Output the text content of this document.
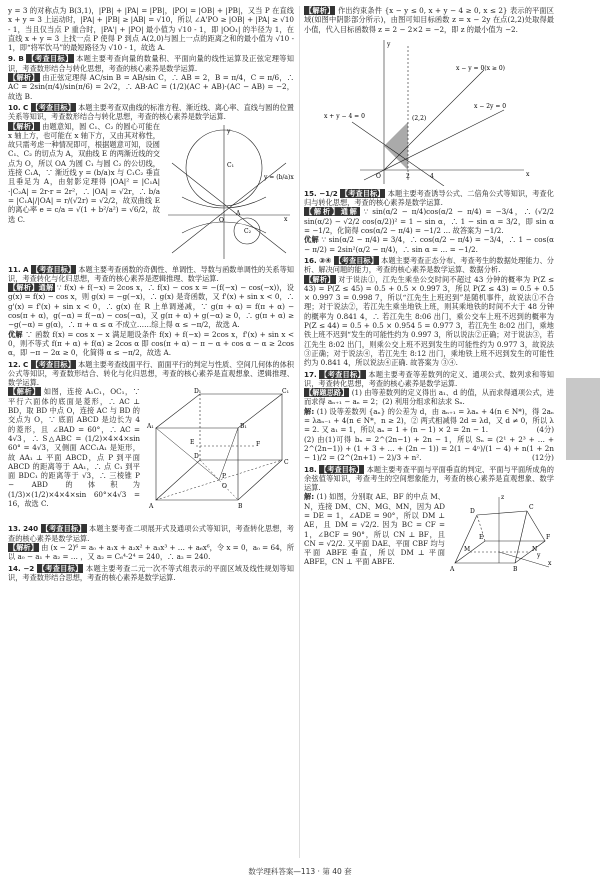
y = 3 的对称点为 B(3,1)，|PB| + |PA| = |PB|，|PO| = |OB| + |PB|，又当 P 在直线 x + y = 3 上运动时，|PA| + |PB| ≥ |AB| = √10，所以 ∠A'PO ≥ |OB| + |PA| ≥ √10 - 1，当且仅当点 P 重合时，|PA'| + |PO| 最小值为 √10 - 1，即 |OO₁| 的半径为 1，在直线 x + y = 3 上找一点 P 使得 P 到点 A(2,0)与圆上一点的距离之和的最小值为 √10 - 1，即“将军饮马”的最短路径为 √10 - 1，故选 A.
9. B 【考查目标】 本题主要考查向量的数量积、平面向量的线性运算及正弦定理等知识，考查数形结合与转化思想，考查的核心素养是数学运算.
【解析】 由正弦定理得 AC/sin B = AB/sin C，∴ AB = 2，B = π/4，C = π/6，∴ AC = 2sin(π/4)/sin(π/6) = 2√2，∴ AB·AC = (1/2)(AC + AB)·(AC − AB) = −2，故选 B.
10. C 【考查目标】 本题主要考查双曲线的标准方程、渐近线、离心率、直线与圆的位置关系等知识，考查数形结合与转化思想，考查的核心素养是数学运算.
y
x
O
C₁
C₂
A
y = (b/a)x
【解析】 由题意知，圆 C₁、C₂ 的圆心可能在 x 轴上方，也可能在 x 轴下方，又由其对称性，故只需考虑一种情况即可，根据题意可知，设圆 C₁、C₂ 的切点为 A，双曲线 E 的两渐近线的交点为 O，所以 OA 为圆 C₁ 与圆 C₂ 的公切线，连接 C₁A，∵ 渐近线 y = (b/a)x 与 C₁C₂ 垂直且垂足为 A，由射影定理得 |OA|² = |C₁A|·|C₂A| = 2r·r = 2r²，∴ |OA| = √2r，∴ b/a = |C₁A|/|OA| = r/(√2r) = √2/2，故双曲线 E 的离心率 e = c/a = √(1 + b²/a²) = √6/2，故选 C.
11. A 【考查目标】 本题主要考查函数的奇偶性、单调性、导数与函数单调性的关系等知识，考查转化与化归思想，考查的核心素养是逻辑推理、数学运算.
【解析】通解 ∵ f(x) + f(−x) = 2cos x，∴ f(x) − cos x = −(f(−x) − cos(−x))，设 g(x) = f(x) − cos x，则 g(x) = −g(−x)，∴ g(x) 是奇函数，又 f'(x) + sin x < 0，∴ g'(x) = f'(x) + sin x < 0，∴ g(x) 在 R 上单调递减，∵ g(π + α) = f(π + α) − cos(π + α)，g(−α) = f(−α) − cos(−α)，又 g(π + α) + g(−α) ≥ 0，∴ g(π + α) ≥ −g(−α) = g(α)，∴ π + α ≤ α 不成立……综上得 α ≤ −π/2，故选 A.
优解 ∵ 函数 f(x) = cos x − x 满足题设条件 f(x) + f(−x) = 2cos x，f'(x) + sin x < 0，则不等式 f(π + α) + f(α) ≥ 2cos α 即 cos(π + α) − π − α + cos α − α ≥ 2cos α，即 −π − 2α ≥ 0，化简得 α ≤ −π/2，故选 A.
12. C 【考查目标】 本题主要考查线面平行、面面平行的判定与性质、空间几何体的体积公式等知识，考查数形结合、转化与化归思想，考查的核心素养是直观想象、逻辑推理、数学运算.
D₁	C₁
A₁	B₁
P
E	F
D
C
A	B
O
【解析】 如图，连接 A₁C₁，OC₁，∵ 平行六面体的底面是菱形，∴ AC ⊥ BD，取 BD 中点 O，连接 AC 与 BD 的交点为 O，∵ 底面 ABCD 是边长为 4 的菱形，且 ∠BAD = 60°，∴ AC = 4√3，∴ S△ABC = (1/2)×4×4×sin 60° = 4√3，又侧面 ACC₁A₁ 是矩形，故 AA₁ ⊥ 平面 ABCD，点 P 到平面 ABCD 的距离等于 AA₁，∴ 点 C₁ 到平面 BDC₁ 的距离等于 √3，∴ 三棱锥 P − ABD 的体积为 (1/3)×(1/2)×4×4×sin 60°×4√3 = 16，故选 C.
13. 240 【考查目标】 本题主要考查二项展开式及通项公式等知识，考查转化思想，考查的核心素养是数学运算.
【解析】 由 (x − 2)⁶ = a₀ + a₁x + a₂x² + a₃x³ + … + a₆x⁶，令 x = 0，a₀ = 64，所以 a₀ − a₁ + a₂ = … ，又 a₂ = C₆⁴·2⁴ = 240，∴ a₂ = 240.
14. −2 【考查目标】 本题主要考查二元一次不等式组表示的平面区域及线性规划等知识，考查数形结合思想，考查的核心素养是数学运算.
【解析】 作出约束条件 {x − y ≤ 0, x + y − 4 ≥ 0, x ≤ 2} 表示的平面区域(如图中阴影部分所示)，由图可知目标函数 z = x − 2y 在点(2,2)处取得最小值，代入目标函数得 z = 2 − 2×2 = −2，即 z 的最小值为 −2.
x − y = 0(x ≥ 0)
x − 2y = 0
x + y − 4 = 0	(2,2)
x
y
O	2	4
15. −1/2 【考查目标】 本题主要考查诱导公式、二倍角公式等知识，考查化归与转化思想，考查的核心素养是数学运算.
【解析】通解 ∵ sin(α/2 − π/4)cos(α/2 − π/4) = −3/4，∴ (√2/2 sin(α/2) − √2/2 cos(α/2))² = 1 − sin α，∴ 1 − sin α = 3/2，即 sin α = −1/2，化简得 cos(α/2 − π/4) = −1/2 … 故答案为 −1/2.
优解 ∵ sin(α/2 − π/4) = 3/4，∴ cos(α/2 − π/4) = −3/4，∴ 1 − cos(α − π/2) = 2sin²(α/2 − π/4)，∴ sin α = … = −1/2.
16. ③④ 【考查目标】 本题主要考查正态分布、考查考生的数据处理能力、分析、解决问题的能力，考查的核心素养是数学运算、数据分析.
【解析】 对于说法①，江先生乘坐公交时间不超过 43 分钟的概率为 P(Z ≤ 43) = P(Z ≤ 45) = 0.5 + 0.5 × 0.997 3，所以 P(Z ≤ 43) = 0.5 + 0.5 × 0.997 3 = 0.998 7，所以“江先生上班迟到”是随机事件，故说法①不合理；对于说法②，若江先生乘坐地铁上班，则其乘地铁的时间不大于 48 分钟的概率为 0.841 4，∴ 若江先生 8:06 出门，乘公交车上班不迟到的概率为 P(Z ≤ 44) = 0.5 + 0.5 × 0.954 5 = 0.977 3，若江先生 8:02 出门，乘地铁上班不迟到“发生的可能性约为 0.997 3，所以说法②正确；对于说法③，若江先生 8:02 出门，则乘公交上班不迟到发生的可能性约为 0.977 3，故说法③正确；对于说法④，若江先生 8:12 出门，乘地铁上班不迟到发生的可能性约为 0.841 4，所以说法④正确. 故答案为 ③④.
17. 【考查目标】 本题主要考查等差数列的定义、通项公式、数列求和等知识，考查转化思想，考查的核心素养是数学运算.
【解题思路】 (1) 由等差数列的定义得出 a₁、d 的值，从而求得通项公式，进而求得 aₙ₊₁ − aₙ = 2；(2) 利用分组求和法求 Sₙ.
解: (1) 设等差数列 {aₙ} 的公差为 d，由 aₙ₊₁ = λaₙ + 4(n ∈ N*)，得 2aₙ = λaₙ₋₁ + 4(n ∈ N*，n ≥ 2)，② 两式相减得 2d = λd，又 d ≠ 0，所以 λ = 2. 又 a₁ = 1，所以 aₙ = 1 + (n − 1) × 2 = 2n − 1.	(4分)

(2) 由(1)可得 bₙ = 2^(2n−1) + 2n − 1，所以 Sₙ = (2¹ + 2³ + … + 2^(2n−1)) + (1 + 3 + … + (2n − 1)) = 2(1 − 4ⁿ)/(1 − 4) + n(1 + 2n − 1)/2 = (2^(2n+1) − 2)/3 + n².	(12分)
18. 【考查目标】 本题主要考查平面与平面垂直的判定、平面与平面所成角的余弦值等知识，考查考生的空间想象能力，考查的核心素养是直观想象、数学运算.
D
C
E	F
A	B
M	N
x
y
z
解: (1) 如图，分别取 AE、BF 的中点 M、N，连接 DM、CN、MG、MN，因为 AD = DE = 1，∠ADE = 90°，所以 DM ⊥ AE，且 DM = √2/2. 因为 BC = CF = 1，∠BCF = 90°，所以 CN ⊥ BF，且 CN = √2/2. 又平面 DAE、平面 CBF 均与平面 ABFE 垂直，所以 DM ⊥ 平面 ABFE，CN ⊥ 平面 ABFE.
数学理科答案—113 · 第 40 套
